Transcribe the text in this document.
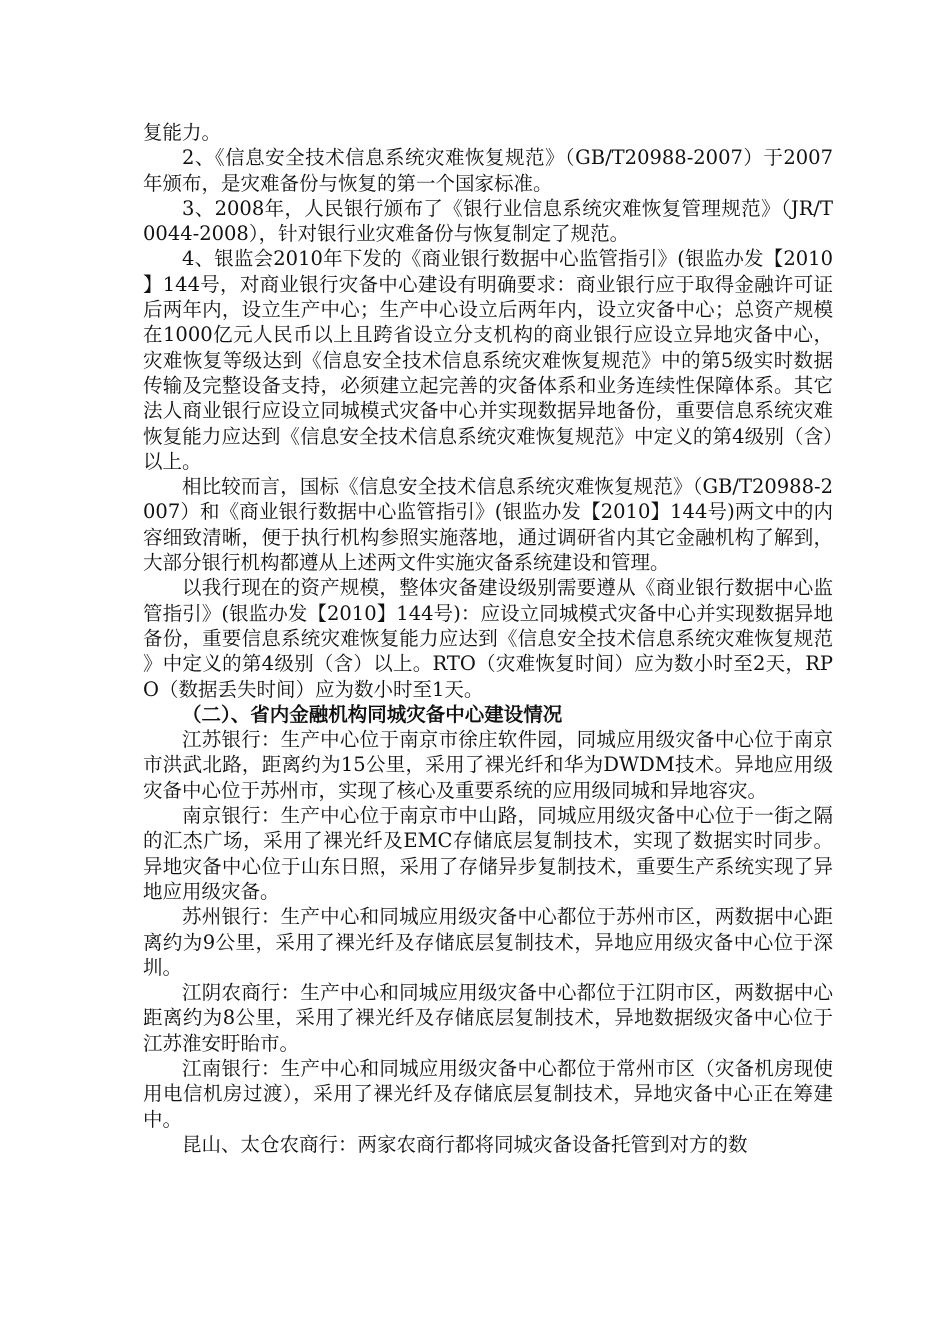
复能力。

2、《信息安全技术信息系统灾难恢复规范》（GB/T20988-2007）于2007年颁布，是灾难备份与恢复的第一个国家标准。

3、2008年，人民银行颁布了《银行业信息系统灾难恢复管理规范》（JR/T0044-2008），针对银行业灾难备份与恢复制定了规范。

4、银监会2010年下发的《商业银行数据中心监管指引》(银监办发【2010】144号，对商业银行灾备中心建设有明确要求：商业银行应于取得金融许可证后两年内，设立生产中心；生产中心设立后两年内，设立灾备中心；总资产规模在1000亿元人民币以上且跨省设立分支机构的商业银行应设立异地灾备中心，灾难恢复等级达到《信息安全技术信息系统灾难恢复规范》中的第5级实时数据传输及完整设备支持，必须建立起完善的灾备体系和业务连续性保障体系。其它法人商业银行应设立同城模式灾备中心并实现数据异地备份，重要信息系统灾难恢复能力应达到《信息安全技术信息系统灾难恢复规范》中定义的第4级别（含）以上。

相比较而言，国标《信息安全技术信息系统灾难恢复规范》（GB/T20988-2007）和《商业银行数据中心监管指引》(银监办发【2010】144号)两文中的内容细致清晰，便于执行机构参照实施落地，通过调研省内其它金融机构了解到，大部分银行机构都遵从上述两文件实施灾备系统建设和管理。

以我行现在的资产规模，整体灾备建设级别需要遵从《商业银行数据中心监管指引》(银监办发【2010】144号)：应设立同城模式灾备中心并实现数据异地备份，重要信息系统灾难恢复能力应达到《信息安全技术信息系统灾难恢复规范》中定义的第4级别（含）以上。RTO（灾难恢复时间）应为数小时至2天，RPO（数据丢失时间）应为数小时至1天。

（二）、省内金融机构同城灾备中心建设情况

江苏银行：生产中心位于南京市徐庄软件园，同城应用级灾备中心位于南京市洪武北路，距离约为15公里，采用了裸光纤和华为DWDM技术。异地应用级灾备中心位于苏州市，实现了核心及重要系统的应用级同城和异地容灾。

南京银行：生产中心位于南京市中山路，同城应用级灾备中心位于一街之隔的汇杰广场，采用了裸光纤及EMC存储底层复制技术，实现了数据实时同步。异地灾备中心位于山东日照，采用了存储异步复制技术，重要生产系统实现了异地应用级灾备。

苏州银行：生产中心和同城应用级灾备中心都位于苏州市区，两数据中心距离约为9公里，采用了裸光纤及存储底层复制技术，异地应用级灾备中心位于深圳。

江阴农商行：生产中心和同城应用级灾备中心都位于江阴市区，两数据中心距离约为8公里，采用了裸光纤及存储底层复制技术，异地数据级灾备中心位于江苏淮安盱眙市。

江南银行：生产中心和同城应用级灾备中心都位于常州市区（灾备机房现使用电信机房过渡），采用了裸光纤及存储底层复制技术，异地灾备中心正在筹建中。

昆山、太仓农商行：两家农商行都将同城灾备设备托管到对方的数
